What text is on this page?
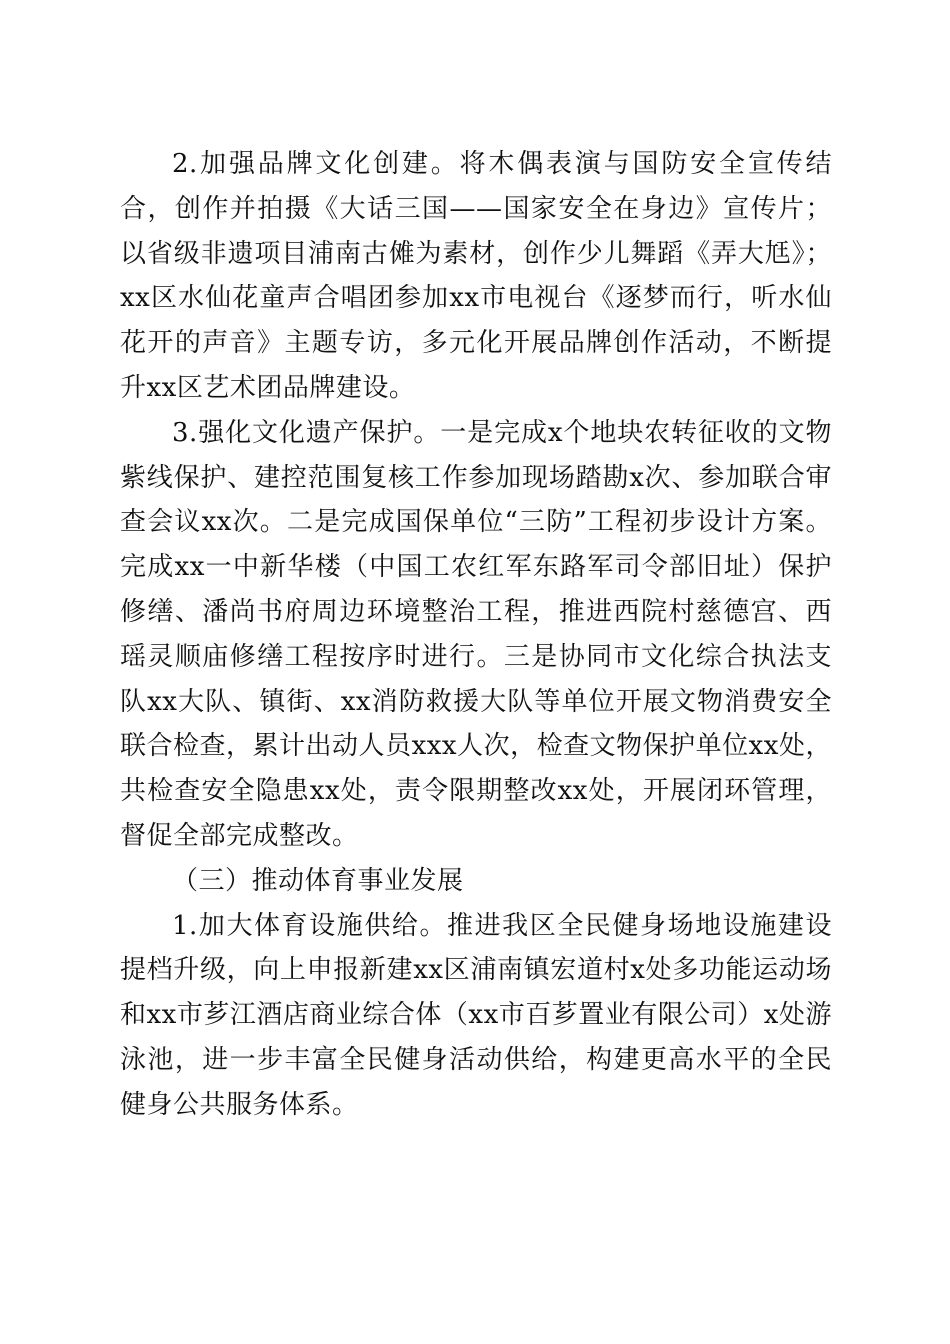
2.加强品牌文化创建。将木偶表演与国防安全宣传结合，创作并拍摄《大话三国——国家安全在身边》宣传片；以省级非遗项目浦南古傩为素材，创作少儿舞蹈《弄大尪》；xx区水仙花童声合唱团参加xx市电视台《逐梦而行，听水仙花开的声音》主题专访，多元化开展品牌创作活动，不断提升xx区艺术团品牌建设。

3.强化文化遗产保护。一是完成x个地块农转征收的文物紫线保护、建控范围复核工作参加现场踏勘x次、参加联合审查会议xx次。二是完成国保单位“三防”工程初步设计方案。完成xx一中新华楼（中国工农红军东路军司令部旧址）保护修缮、潘尚书府周边环境整治工程，推进西院村慈德宫、西瑶灵顺庙修缮工程按序时进行。三是协同市文化综合执法支队xx大队、镇街、xx消防救援大队等单位开展文物消费安全联合检查，累计出动人员xxx人次，检查文物保护单位xx处，共检查安全隐患xx处，责令限期整改xx处，开展闭环管理，督促全部完成整改。

（三）推动体育事业发展

1.加大体育设施供给。推进我区全民健身场地设施建设提档升级，向上申报新建xx区浦南镇宏道村x处多功能运动场和xx市芗江酒店商业综合体（xx市百芗置业有限公司）x处游泳池，进一步丰富全民健身活动供给，构建更高水平的全民健身公共服务体系。
